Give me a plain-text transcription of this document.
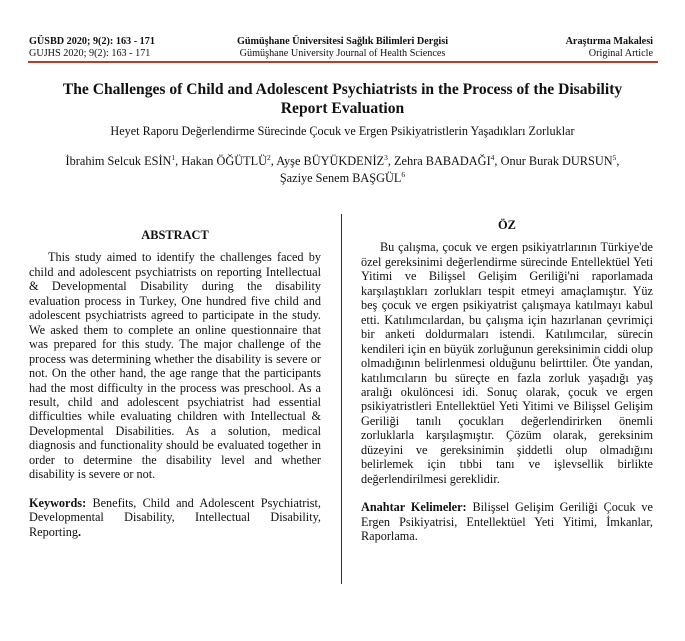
GÜSBD 2020; 9(2): 163 - 171
GUJHS 2020; 9(2): 163 - 171
Gümüşhane Üniversitesi Sağlık Bilimleri Dergisi
Gümüşhane University Journal of Health Sciences
Araştırma Makalesi
Original Article
The Challenges of Child and Adolescent Psychiatrists in the Process of the Disability Report Evaluation
Heyet Raporu Değerlendirme Sürecinde Çocuk ve Ergen Psikiyatristlerin Yaşadıkları Zorluklar
İbrahim Selcuk ESİN$^1$, Hakan ÖĞÜTLÜ$^2$, Ayşe BÜYÜKDENİZ$^3$, Zehra BABADAĞI$^4$, Onur Burak DURSUN$^5$,
Şaziye Senem BAŞGÜL$^6$
ABSTRACT

This study aimed to identify the challenges faced by child and adolescent psychiatrists on reporting Intellectual & Developmental Disability during the disability evaluation process in Turkey, One hundred five child and adolescent psychiatrists agreed to participate in the study. We asked them to complete an online questionnaire that was prepared for this study. The major challenge of the process was determining whether the disability is severe or not. On the other hand, the age range that the participants had the most difficulty in the process was preschool. As a result, child and adolescent psychiatrist had essential difficulties while evaluating children with Intellectual & Developmental Disabilities. As a solution, medical diagnosis and functionality should be evaluated together in order to determine the disability level and whether disability is severe or not.

Keywords: Benefits, Child and Adolescent Psychiatrist, Developmental Disability, Intellectual Disability, Reporting.
ÖZ

Bu çalışma, çocuk ve ergen psikiyatrlarının Türkiye'de özel gereksinimi değerlendirme sürecinde Entellektüel Yeti Yitimi ve Bilişsel Gelişim Geriliği'ni raporlamada karşılaştıkları zorlukları tespit etmeyi amaçlamıştır. Yüz beş çocuk ve ergen psikiyatrist çalışmaya katılmayı kabul etti. Katılımcılardan, bu çalışma için hazırlanan çevrimiçi bir anketi doldurmaları istendi. Katılımcılar, sürecin kendileri için en büyük zorluğunun gereksinimin ciddi olup olmadığının belirlenmesi olduğunu belirttiler. Öte yandan, katılımcıların bu süreçte en fazla zorluk yaşadığı yaş aralığı okulöncesi idi. Sonuç olarak, çocuk ve ergen psikiyatristleri Entellektüel Yeti Yitimi ve Bilişsel Gelişim Geriliği tanılı çocukları değerlendirirken önemli zorluklarla karşılaşmıştır. Çözüm olarak, gereksinim düzeyini ve gereksinimin şiddetli olup olmadığını belirlemek için tıbbi tanı ve işlevsellik birlikte değerlendirilmesi gereklidir.

Anahtar Kelimeler: Bilişsel Gelişim Geriliği Çocuk ve Ergen Psikiyatrisi, Entellektüel Yeti Yitimi, İmkanlar, Raporlama.
